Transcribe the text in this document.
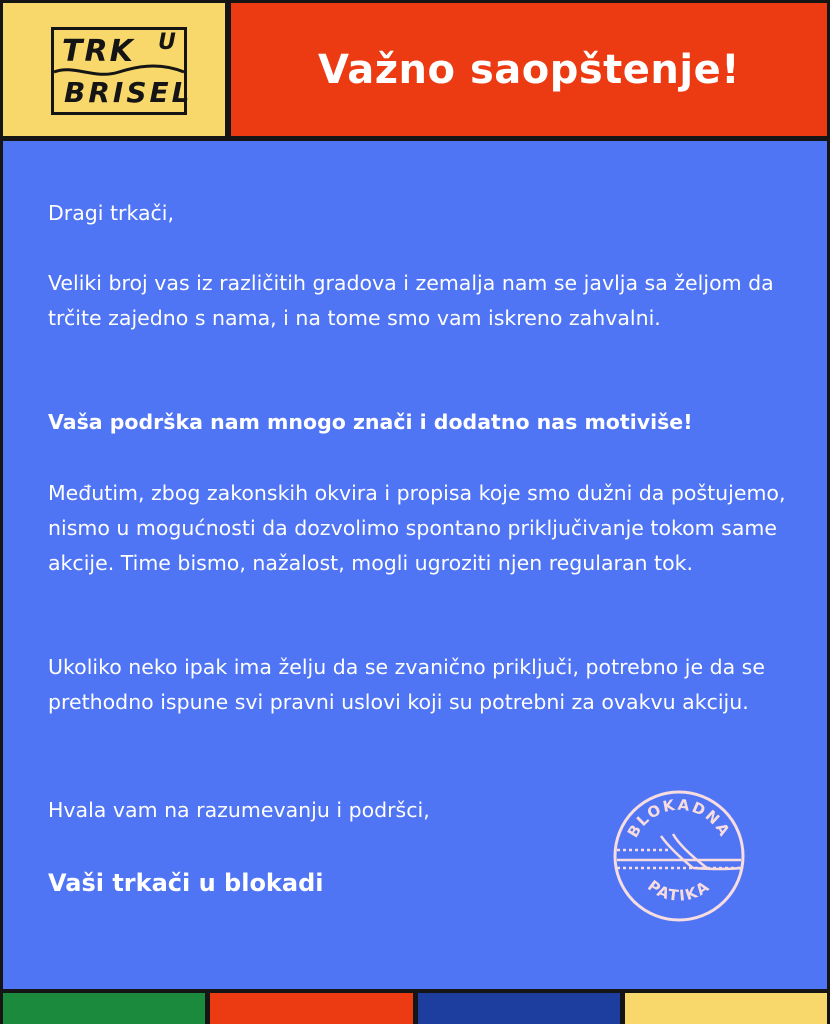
TRK U
BRISEL	Važno saopštenje!
Dragi trkači,
Veliki broj vas iz različitih gradova i zemalja nam se javlja sa željom da trčite zajedno s nama, i na tome smo vam iskreno zahvalni.
Vaša podrška nam mnogo znači i dodatno nas motiviše!
Međutim, zbog zakonskih okvira i propisa koje smo dužni da poštujemo, nismo u mogućnosti da dozvolimo spontano priključivanje tokom same akcije. Time bismo, nažalost, mogli ugroziti njen regularan tok.
Ukoliko neko ipak ima želju da se zvanično priključi, potrebno je da se prethodno ispune svi pravni uslovi koji su potrebni za ovakvu akciju.
Hvala vam na razumevanju i podršci,
Vaši trkači u blokadi
BLOKADNA
PATIKA
